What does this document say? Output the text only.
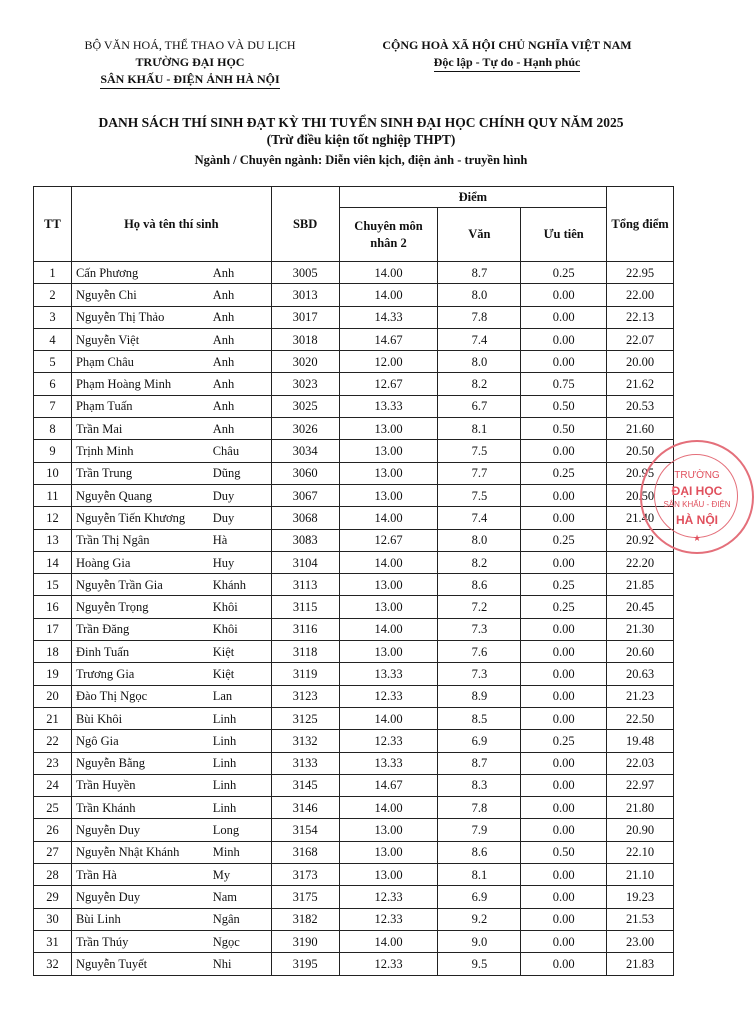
BỘ VĂN HOÁ, THỂ THAO VÀ DU LỊCH
TRƯỜNG ĐẠI HỌC
SÂN KHẤU - ĐIỆN ẢNH HÀ NỘI
CỘNG HOÀ XÃ HỘI CHỦ NGHĨA VIỆT NAM
Độc lập - Tự do - Hạnh phúc
DANH SÁCH THÍ SINH ĐẠT KỲ THI TUYỂN SINH ĐẠI HỌC CHÍNH QUY NĂM 2025
(Trừ điều kiện tốt nghiệp THPT)
Ngành / Chuyên ngành: Diễn viên kịch, điện ảnh - truyền hình
TT	Họ và tên thí sinh	SBD	Điểm			Tổng điểm

			Chuyên môn nhân 2	Văn	Ưu tiên	
1	Cấn Phương Anh	3005	14.00	8.7	0.25	22.95
2	Nguyễn Chi Anh	3013	14.00	8.0	0.00	22.00
3	Nguyễn Thị Thảo Anh	3017	14.33	7.8	0.00	22.13
4	Nguyễn Việt Anh	3018	14.67	7.4	0.00	22.07
5	Phạm Châu Anh	3020	12.00	8.0	0.00	20.00
6	Phạm Hoàng Minh Anh	3023	12.67	8.2	0.75	21.62
7	Phạm Tuấn Anh	3025	13.33	6.7	0.50	20.53
8	Trần Mai Anh	3026	13.00	8.1	0.50	21.60
9	Trịnh Minh Châu	3034	13.00	7.5	0.00	20.50
10	Trần Trung Dũng	3060	13.00	7.7	0.25	20.95
11	Nguyễn Quang Duy	3067	13.00	7.5	0.00	20.50
12	Nguyễn Tiến Khương Duy	3068	14.00	7.4	0.00	21.40
13	Trần Thị Ngân Hà	3083	12.67	8.0	0.25	20.92
14	Hoàng Gia Huy	3104	14.00	8.2	0.00	22.20
15	Nguyễn Trần Gia Khánh	3113	13.00	8.6	0.25	21.85
16	Nguyễn Trọng Khôi	3115	13.00	7.2	0.25	20.45
17	Trần Đăng Khôi	3116	14.00	7.3	0.00	21.30
18	Đinh Tuấn Kiệt	3118	13.00	7.6	0.00	20.60
19	Trương Gia Kiệt	3119	13.33	7.3	0.00	20.63
20	Đào Thị Ngọc Lan	3123	12.33	8.9	0.00	21.23
21	Bùi Khôi Linh	3125	14.00	8.5	0.00	22.50
22	Ngô Gia Linh	3132	12.33	6.9	0.25	19.48
23	Nguyễn Bằng Linh	3133	13.33	8.7	0.00	22.03
24	Trần Huyền Linh	3145	14.67	8.3	0.00	22.97
25	Trần Khánh Linh	3146	14.00	7.8	0.00	21.80
26	Nguyễn Duy Long	3154	13.00	7.9	0.00	20.90
27	Nguyễn Nhật Khánh Minh	3168	13.00	8.6	0.50	22.10
28	Trần Hà My	3173	13.00	8.1	0.00	21.10
29	Nguyễn Duy Nam	3175	12.33	6.9	0.00	19.23
30	Bùi Linh Ngân	3182	12.33	9.2	0.00	21.53
31	Trần Thúy Ngọc	3190	14.00	9.0	0.00	23.00
32	Nguyễn Tuyết Nhi	3195	12.33	9.5	0.00	21.83
TRƯỜNG
ĐẠI HỌC
SÂN KHẤU - ĐIỆN
HÀ NỘI
★
